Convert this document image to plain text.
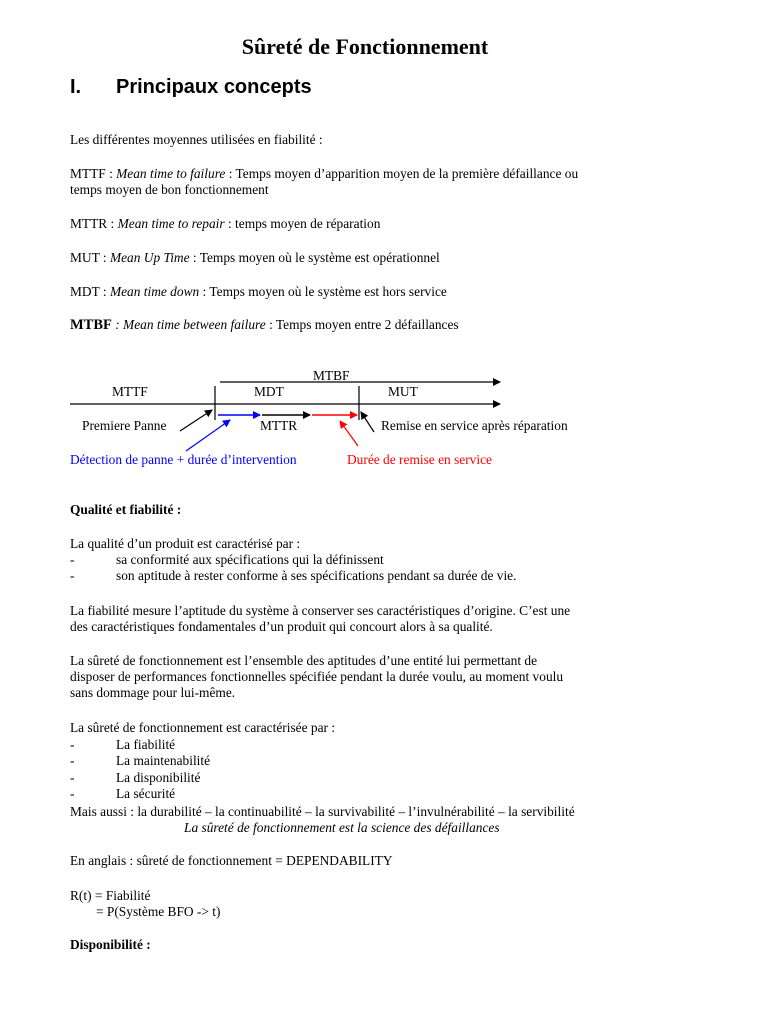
Sûreté de Fonctionnement
I. Principaux concepts

Les différentes moyennes utilisées en fiabilité :

MTTF : Mean time to failure : Temps moyen d’apparition moyen de la première défaillance ou

temps moyen de bon fonctionnement

MTTR : Mean time to repair : temps moyen de réparation

MUT : Mean Up Time : Temps moyen où le système est opérationnel

MDT : Mean time down : Temps moyen où le système est hors service

MTBF : Mean time between failure : Temps moyen entre 2 défaillances

MTBF
MTTF	MDT	MUT
Premiere Panne	MTTR	Remise en service après réparation
Détection de panne + durée d’intervention	Durée de remise en service

Qualité et fiabilité :

La qualité d’un produit est caractérisé par :

-	sa conformité aux spécifications qui la définissent

-	son aptitude à rester conforme à ses spécifications pendant sa durée de vie.

La fiabilité mesure l’aptitude du système à conserver ses caractéristiques d’origine. C’est une

des caractéristiques fondamentales d’un produit qui concourt alors à sa qualité.

La sûreté de fonctionnement est l’ensemble des aptitudes d’une entité lui permettant de

disposer de performances fonctionnelles spécifiée pendant la durée voulu, au moment voulu

sans dommage pour lui-même.

La sûreté de fonctionnement est caractérisée par :

-	La fiabilité

-	La maintenabilité

-	La disponibilité

-	La sécurité

Mais aussi : la durabilité – la continuabilité – la survivabilité – l’invulnérabilité – la servibilité

La sûreté de fonctionnement est la science des défaillances

En anglais : sûreté de fonctionnement = DEPENDABILITY

R(t) = Fiabilité

= P(Système BFO -> t)

Disponibilité :
